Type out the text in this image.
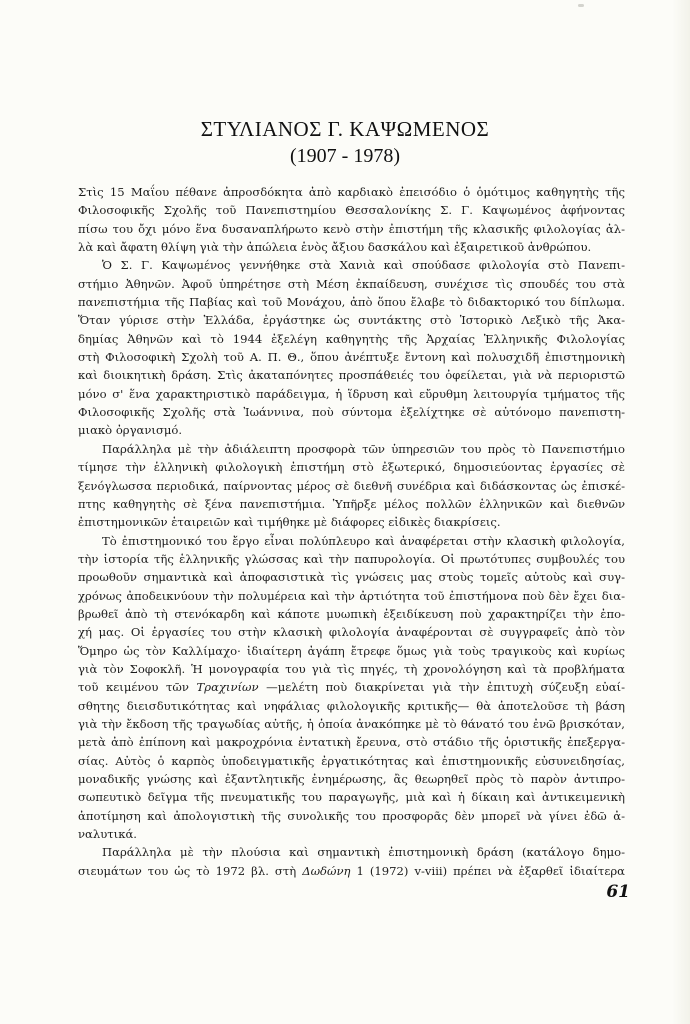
ΣΤΥΛΙΑΝΟΣ Γ. ΚΑΨΩΜΕΝΟΣ
(1907 - 1978)
Στὶς 15 Μαΐου πέθανε ἀπροσδόκητα ἀπὸ καρδιακὸ ἐπεισόδιο ὁ ὁμότιμος καθηγητὴς τῆς
Φιλοσοφικῆς Σχολῆς τοῦ Πανεπιστημίου Θεσσαλονίκης Σ. Γ. Καψωμένος ἀφήνοντας
πίσω του ὄχι μόνο ἕνα δυσαναπλήρωτο κενὸ στὴν ἐπιστήμη τῆς κλασικῆς φιλολογίας ἀλ-
λὰ καὶ ἄφατη θλίψη γιὰ τὴν ἀπώλεια ἑνὸς ἄξιου δασκάλου καὶ ἐξαιρετικοῦ ἀνθρώπου.
Ὁ Σ. Γ. Καψωμένος γεννήθηκε στὰ Χανιὰ καὶ σπούδασε φιλολογία στὸ Πανεπι-
στήμιο Ἀθηνῶν. Ἀφοῦ ὑπηρέτησε στὴ Μέση ἐκπαίδευση, συνέχισε τὶς σπουδές του στὰ
πανεπιστήμια τῆς Παβίας καὶ τοῦ Μονάχου, ἀπὸ ὅπου ἔλαβε τὸ διδακτορικό του δίπλωμα.
Ὅταν γύρισε στὴν Ἑλλάδα, ἐργάστηκε ὡς συντάκτης στὸ Ἱστορικὸ Λεξικὸ τῆς Ἀκα-
δημίας Ἀθηνῶν καὶ τὸ 1944 ἐξελέγη καθηγητὴς τῆς Ἀρχαίας Ἑλληνικῆς Φιλολογίας
στὴ Φιλοσοφικὴ Σχολὴ τοῦ Α. Π. Θ., ὅπου ἀνέπτυξε ἔντονη καὶ πολυσχιδῆ ἐπιστημονικὴ
καὶ διοικητικὴ δράση. Στὶς ἀκαταπόνητες προσπάθειές του ὀφείλεται, γιὰ νὰ περιοριστῶ
μόνο σ' ἕνα χαρακτηριστικὸ παράδειγμα, ἡ ἵδρυση καὶ εὔρυθμη λειτουργία τμήματος τῆς
Φιλοσοφικῆς Σχολῆς στὰ Ἰωάννινα, ποὺ σύντομα ἐξελίχτηκε σὲ αὐτόνομο πανεπιστη-
μιακὸ ὀργανισμό.
Παράλληλα μὲ τὴν ἀδιάλειπτη προσφορὰ τῶν ὑπηρεσιῶν του πρὸς τὸ Πανεπιστήμιο
τίμησε τὴν ἑλληνικὴ φιλολογικὴ ἐπιστήμη στὸ ἐξωτερικό, δημοσιεύοντας ἐργασίες σὲ
ξενόγλωσσα περιοδικά, παίρνοντας μέρος σὲ διεθνῆ συνέδρια καὶ διδάσκοντας ὡς ἐπισκέ-
πτης καθηγητὴς σὲ ξένα πανεπιστήμια. Ὑπῆρξε μέλος πολλῶν ἑλληνικῶν καὶ διεθνῶν
ἐπιστημονικῶν ἑταιρειῶν καὶ τιμήθηκε μὲ διάφορες εἰδικὲς διακρίσεις.
Τὸ ἐπιστημονικό του ἔργο εἶναι πολύπλευρο καὶ ἀναφέρεται στὴν κλασικὴ φιλολογία,
τὴν ἱστορία τῆς ἑλληνικῆς γλώσσας καὶ τὴν παπυρολογία. Οἱ πρωτότυπες συμβουλές του
προωθοῦν σημαντικὰ καὶ ἀποφασιστικὰ τὶς γνώσεις μας στοὺς τομεῖς αὐτοὺς καὶ συγ-
χρόνως ἀποδεικνύουν τὴν πολυμέρεια καὶ τὴν ἀρτιότητα τοῦ ἐπιστήμονα ποὺ δὲν ἔχει δια-
βρωθεῖ ἀπὸ τὴ στενόκαρδη καὶ κάποτε μυωπικὴ ἐξειδίκευση ποὺ χαρακτηρίζει τὴν ἐπο-
χή μας. Οἱ ἐργασίες του στὴν κλασικὴ φιλολογία ἀναφέρονται σὲ συγγραφεῖς ἀπὸ τὸν
Ὅμηρο ὡς τὸν Καλλίμαχο· ἰδιαίτερη ἀγάπη ἔτρεφε ὅμως γιὰ τοὺς τραγικοὺς καὶ κυρίως
γιὰ τὸν Σοφοκλῆ. Ἡ μονογραφία του γιὰ τὶς πηγές, τὴ χρονολόγηση καὶ τὰ προβλήματα
τοῦ κειμένου τῶν Τραχινίων —μελέτη ποὺ διακρίνεται γιὰ τὴν ἐπιτυχὴ σύζευξη εὐαί-
σθητης διεισδυτικότητας καὶ νηφάλιας φιλολογικῆς κριτικῆς— θὰ ἀποτελοῦσε τὴ βάση
γιὰ τὴν ἔκδοση τῆς τραγωδίας αὐτῆς, ἡ ὁποία ἀνακόπηκε μὲ τὸ θάνατό του ἐνῶ βρισκόταν,
μετὰ ἀπὸ ἐπίπονη καὶ μακροχρόνια ἐντατικὴ ἔρευνα, στὸ στάδιο τῆς ὁριστικῆς ἐπεξεργα-
σίας. Αὐτὸς ὁ καρπὸς ὑποδειγματικῆς ἐργατικότητας καὶ ἐπιστημονικῆς εὐσυνειδησίας,
μοναδικῆς γνώσης καὶ ἐξαντλητικῆς ἐνημέρωσης, ἂς θεωρηθεῖ πρὸς τὸ παρὸν ἀντιπρο-
σωπευτικὸ δεῖγμα τῆς πνευματικῆς του παραγωγῆς, μιὰ καὶ ἡ δίκαιη καὶ ἀντικειμενικὴ
ἀποτίμηση καὶ ἀπολογιστικὴ τῆς συνολικῆς του προσφορᾶς δὲν μπορεῖ νὰ γίνει ἐδῶ ἀ-
ναλυτικά.
Παράλληλα μὲ τὴν πλούσια καὶ σημαντικὴ ἐπιστημονικὴ δράση (κατάλογο δημο-
σιευμάτων του ὡς τὸ 1972 βλ. στὴ Δωδώνη 1 (1972) v-viii) πρέπει νὰ ἐξαρθεῖ ἰδιαίτερα
61
